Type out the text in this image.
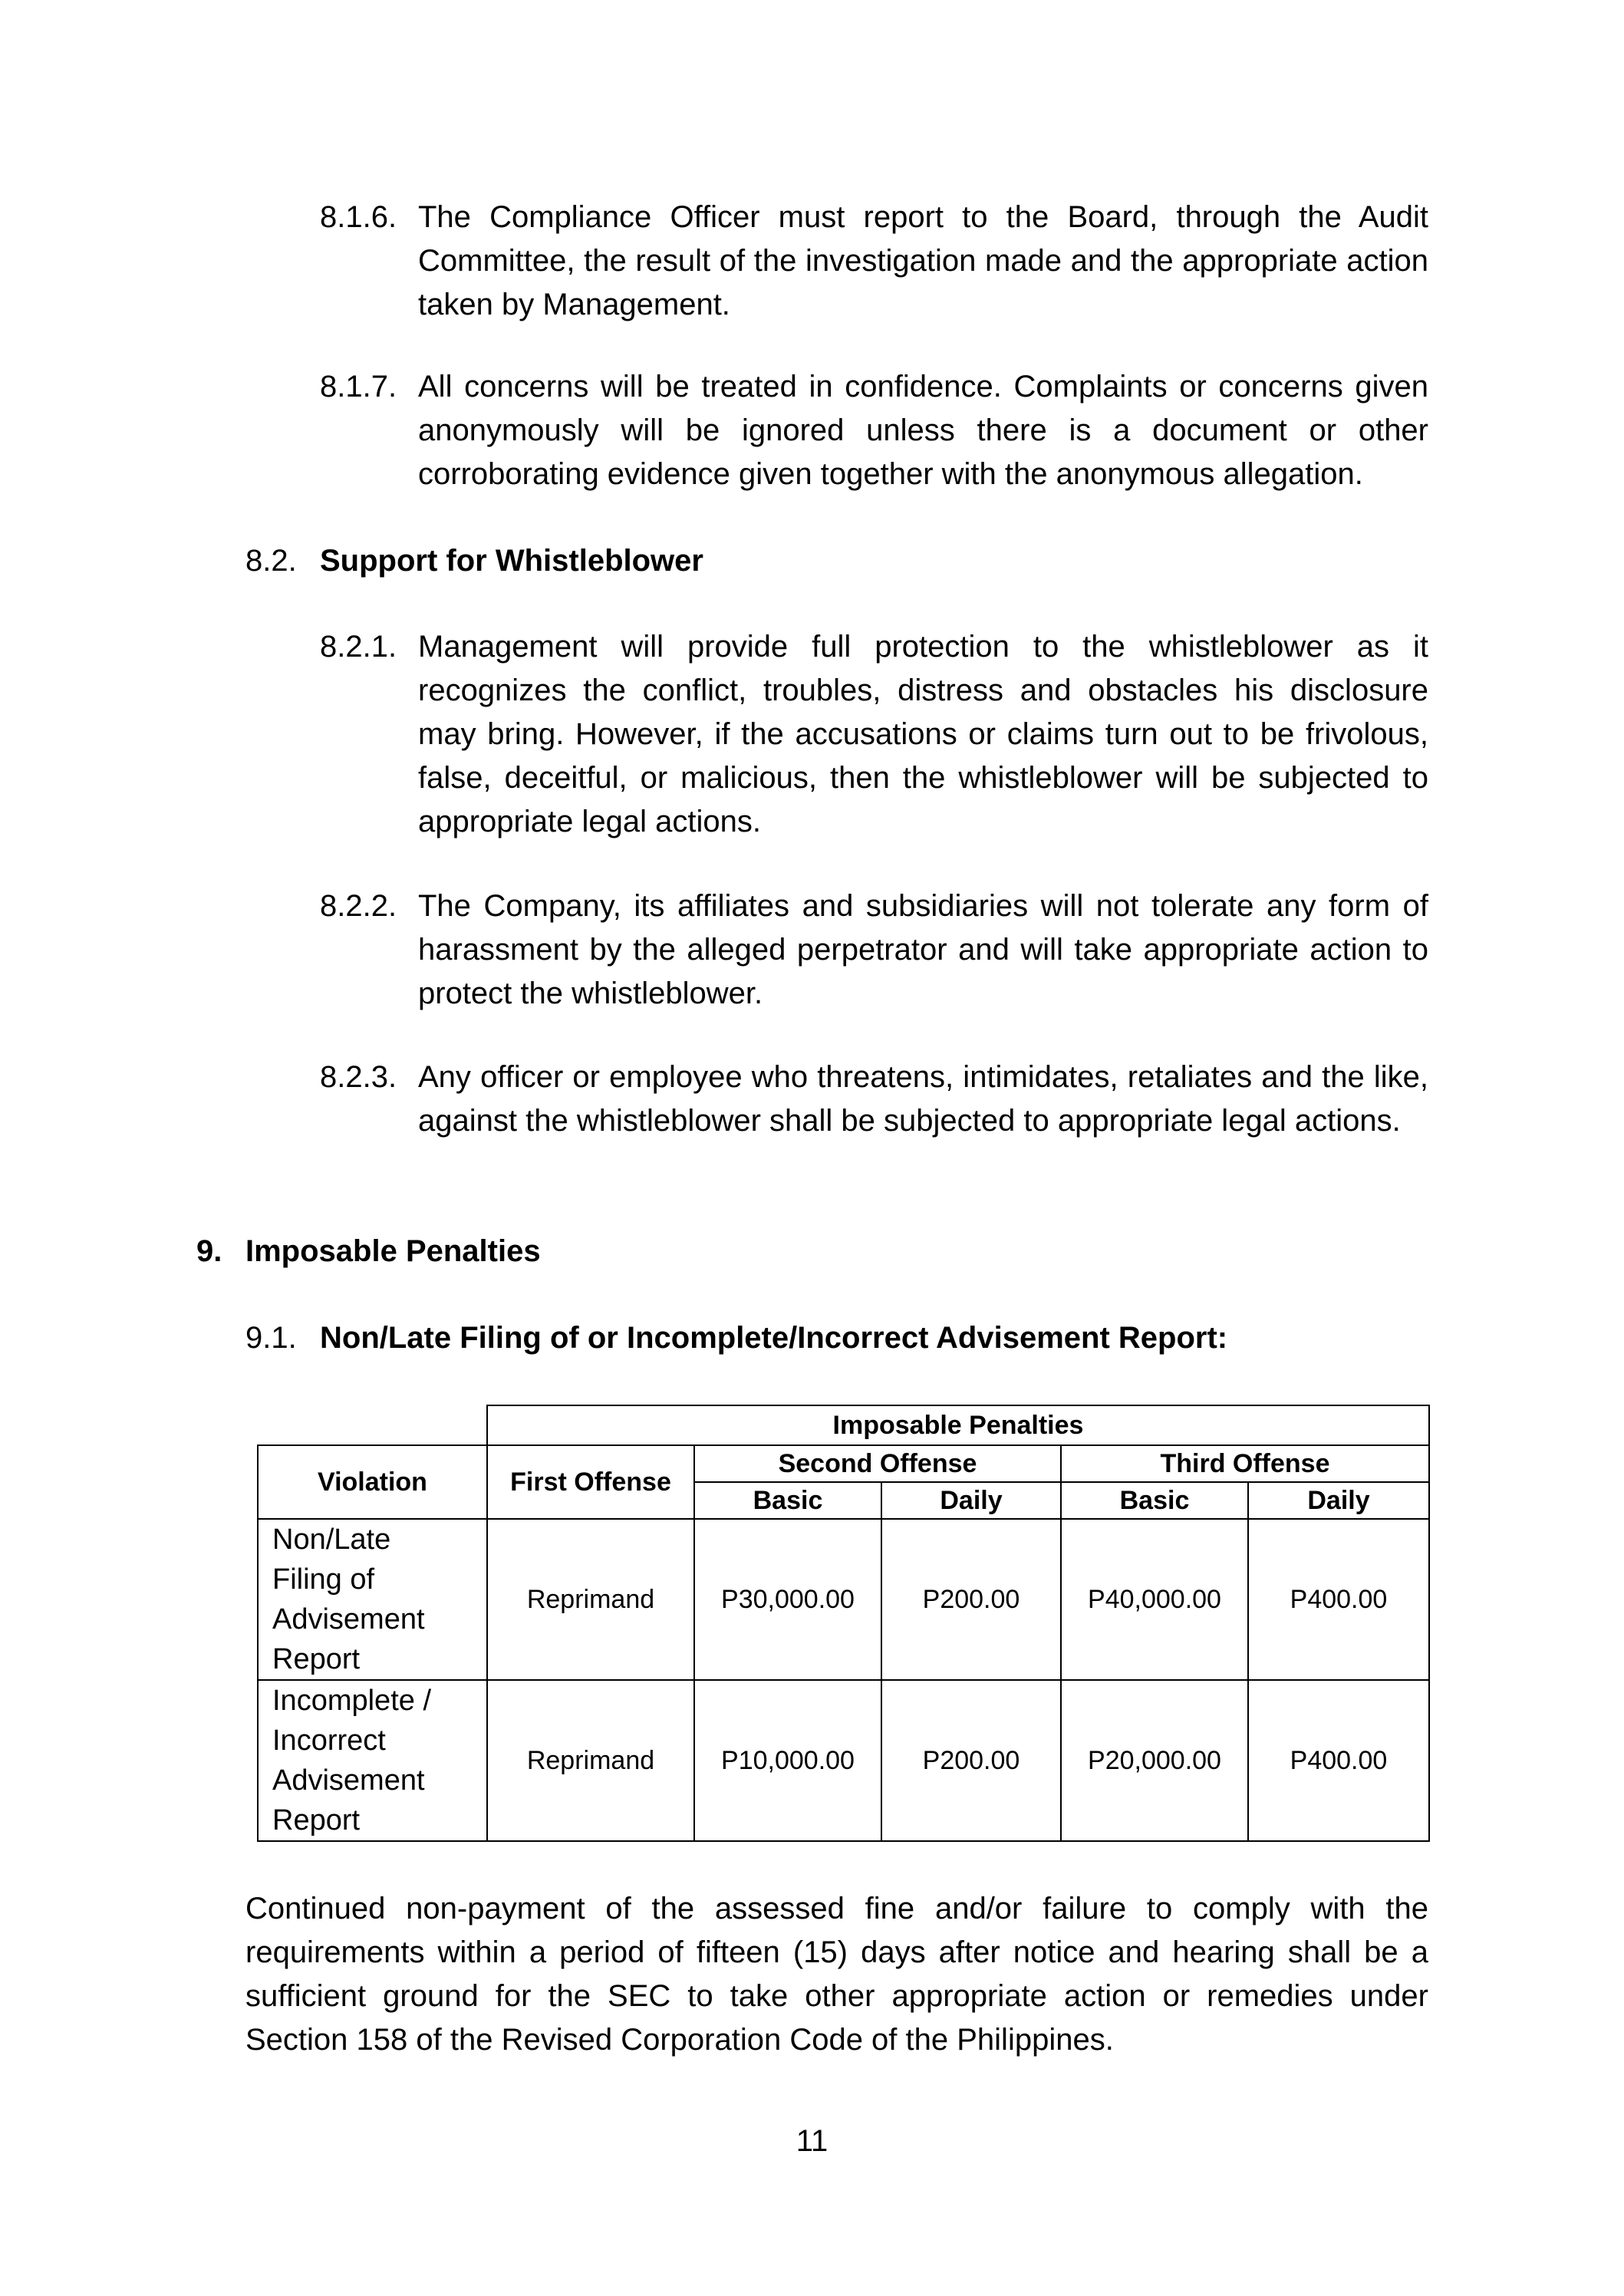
8.1.6. The Compliance Officer must report to the Board, through the Audit Committee, the result of the investigation made and the appropriate action taken by Management.
8.1.7. All concerns will be treated in confidence. Complaints or concerns given anonymously will be ignored unless there is a document or other corroborating evidence given together with the anonymous allegation.
8.2. Support for Whistleblower
8.2.1. Management will provide full protection to the whistleblower as it recognizes the conflict, troubles, distress and obstacles his disclosure may bring. However, if the accusations or claims turn out to be frivolous, false, deceitful, or malicious, then the whistleblower will be subjected to appropriate legal actions.
8.2.2. The Company, its affiliates and subsidiaries will not tolerate any form of harassment by the alleged perpetrator and will take appropriate action to protect the whistleblower.
8.2.3. Any officer or employee who threatens, intimidates, retaliates and the like, against the whistleblower shall be subjected to appropriate legal actions.
9. Imposable Penalties
9.1. Non/Late Filing of or Incomplete/Incorrect Advisement Report:
	Imposable Penalties				
Violation	First Offense	Second Offense		Third Offense	
		Basic	Daily	Basic	Daily

Non/Late
Filing of
Advisement
Report	Reprimand	P30,000.00	P200.00	P40,000.00	P400.00

Incomplete /
Incorrect
Advisement
Report	Reprimand	P10,000.00	P200.00	P20,000.00	P400.00
Continued non-payment of the assessed fine and/or failure to comply with the requirements within a period of fifteen (15) days after notice and hearing shall be a sufficient ground for the SEC to take other appropriate action or remedies under Section 158 of the Revised Corporation Code of the Philippines.
11
